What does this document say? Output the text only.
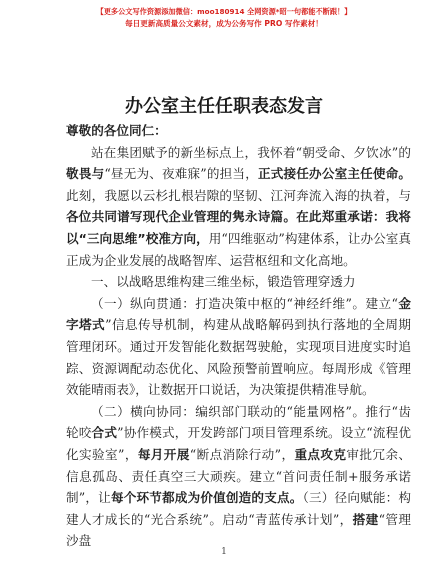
【更多公文写作资源添加微信：moo180914 全网资源*昭一句都能不断跟！】
每日更新高质量公文素材，成为公务写作 PRO 写作素材！
办公室主任任职表态发言

尊敬的各位同仁：

站在集团赋予的新坐标点上，我怀着“朝受命、夕饮冰”的敬畏与“昼无为、夜难寐”的担当，正式接任办公室主任使命。此刻，我愿以云杉扎根岩隙的坚韧、江河奔流入海的执着，与各位共同谱写现代企业管理的隽永诗篇。在此郑重承诺：我将以“三向思维”校准方向，用“四维驱动”构建体系，让办公室真正成为企业发展的战略智库、运营枢纽和文化高地。

一、以战略思维构建三维坐标，锻造管理穿透力

（一）纵向贯通：打造决策中枢的“神经纤维”。建立“金字塔式”信息传导机制，构建从战略解码到执行落地的全周期管理闭环。通过开发智能化数据驾驶舱，实现项目进度实时追踪、资源调配动态优化、风险预警前置响应。每周形成《管理效能晴雨表》，让数据开口说话，为决策提供精准导航。

（二）横向协同：编织部门联动的“能量网格”。推行“齿轮咬合式”协作模式，开发跨部门项目管理系统。设立“流程优化实验室”，每月开展“断点消除行动”，重点攻克审批冗余、信息孤岛、责任真空三大顽疾。建立“首问责任制+服务承诺制”，让每个环节都成为价值创造的支点。（三）径向赋能：构建人才成长的“光合系统”。启动“青蓝传承计划”，搭建“管理沙盘

1
